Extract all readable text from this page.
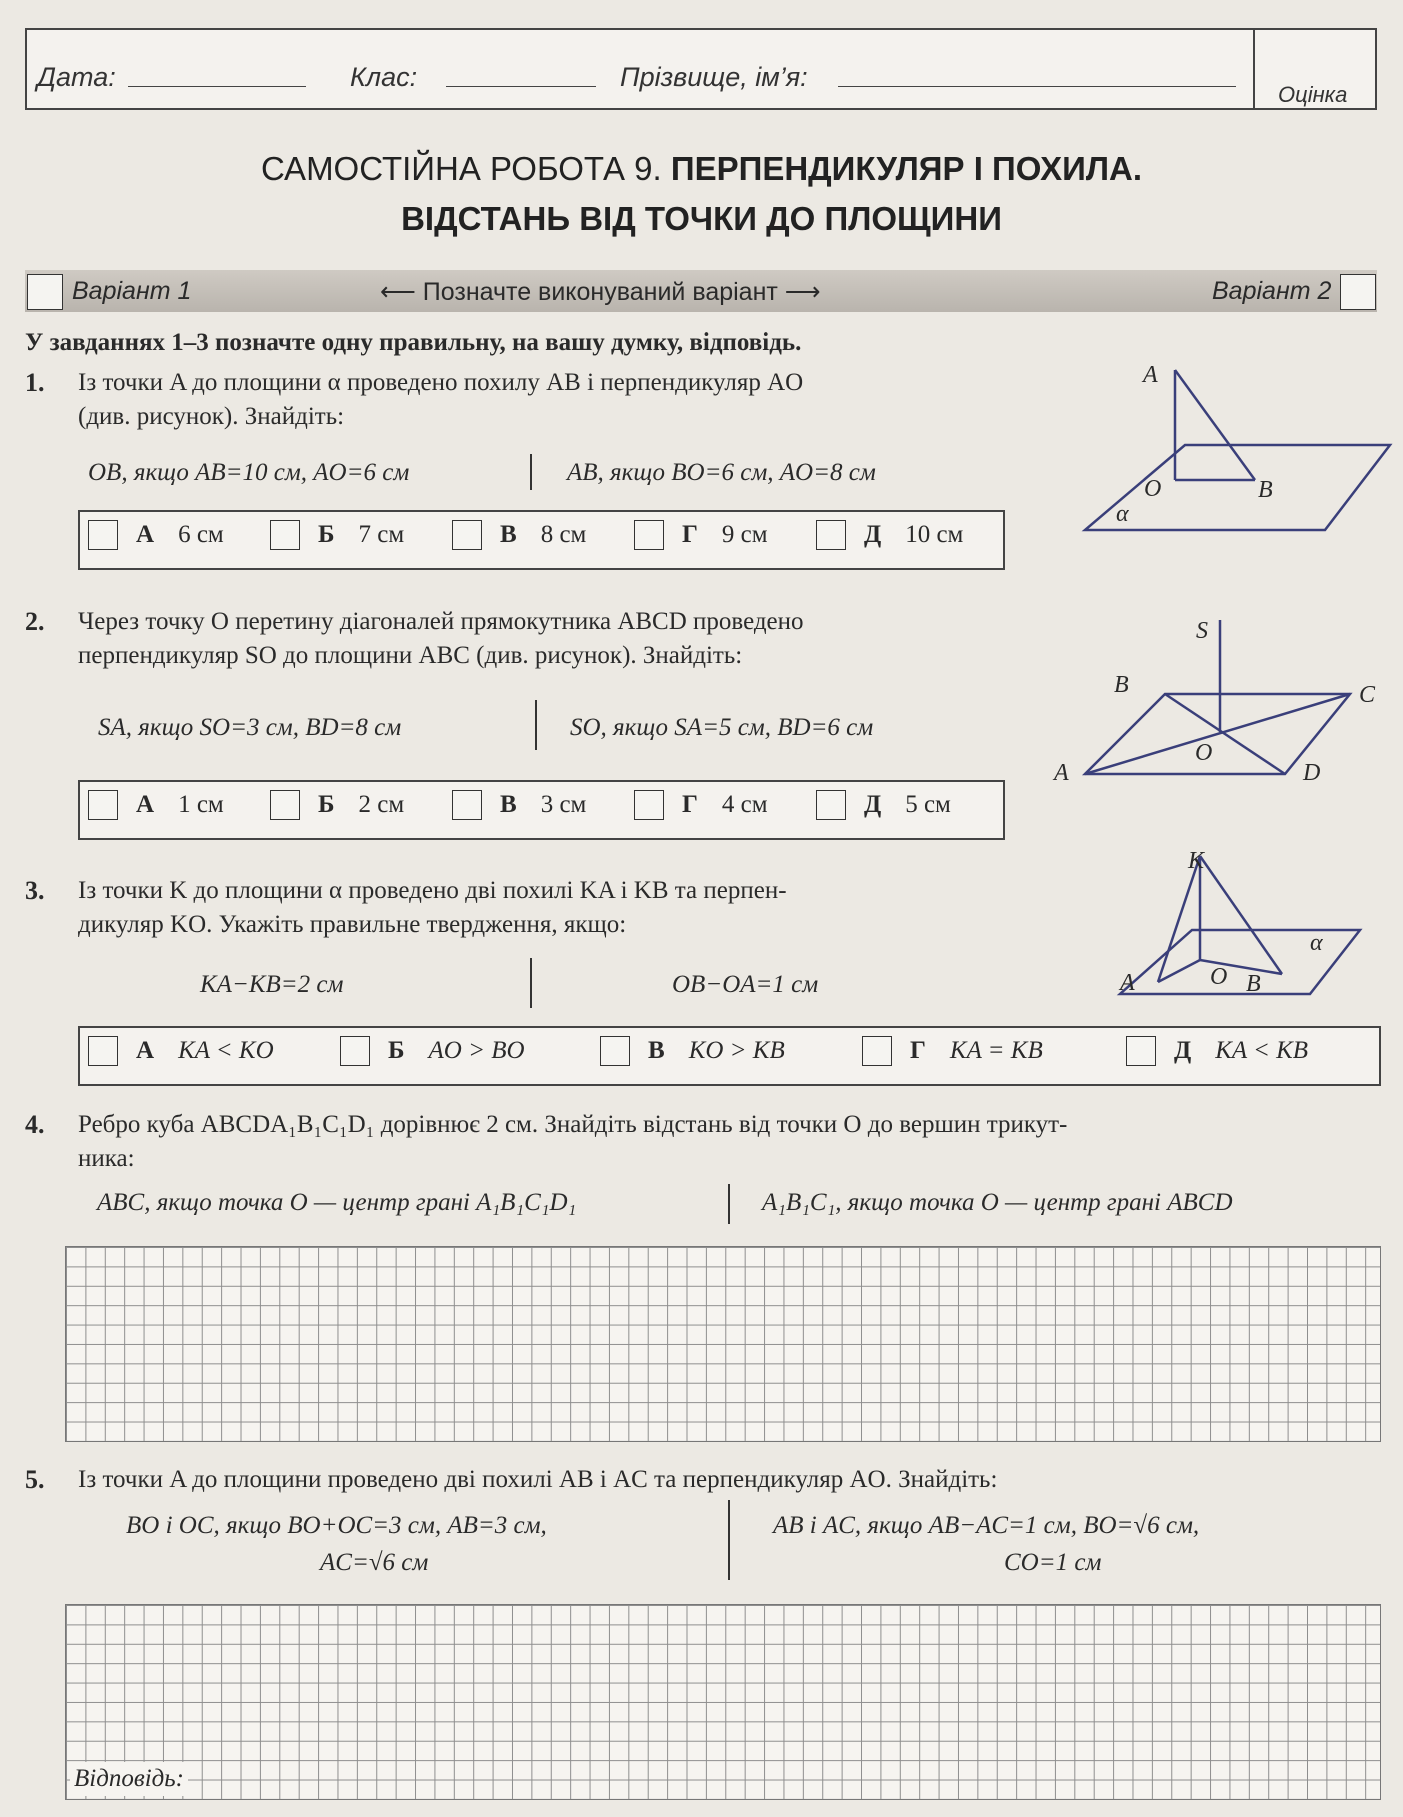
Дата:	Клас:	Прізвище, ім’я:
Оцінка
САМОСТІЙНА РОБОТА 9. ПЕРПЕНДИКУЛЯР І ПОХИЛА.
ВІДСТАНЬ ВІД ТОЧКИ ДО ПЛОЩИНИ
Варіант 1	⟵ Позначте виконуваний варіант ⟶	Варіант 2
У завданнях 1–3 позначте одну правильну, на вашу думку, відповідь.
1. Із точки A до площини α проведено похилу AB і перпендикуляр AO
(див. рисунок). Знайдіть:
OB, якщо AB=10 см, AO=6 см	AB, якщо BO=6 см, AO=8 см
А 6 см	Б 7 см	В 8 см	Г 9 см	Д 10 см
A
O	B
α
2. Через точку O перетину діагоналей прямокутника ABCD проведено
перпендикуляр SO до площини ABC (див. рисунок). Знайдіть:
SA, якщо SO=3 см, BD=8 см	SO, якщо SA=5 см, BD=6 см
А 1 см	Б 2 см	В 3 см	Г 4 см	Д 5 см
S
B	C
O
A	D
3. Із точки K до площини α проведено дві похилі KA і KB та перпен-
дикуляр KO. Укажіть правильне твердження, якщо:
KA−KB=2 см	OB−OA=1 см
А KA < KO	Б AO > BO	В KO > KB	Г KA = KB	Д KA < KB
K
α
O
A	B
4. Ребро куба ABCDA₁B₁C₁D₁ дорівнює 2 см. Знайдіть відстань від точки O до вершин трикут-
ника:
ABC, якщо точка O — центр грані A₁B₁C₁D₁	A₁B₁C₁, якщо точка O — центр грані ABCD
5. Із точки A до площини проведено дві похилі AB і AC та перпендикуляр AO. Знайдіть:
BO і OC, якщо BO+OC=3 см, AB=3 см,
AC=√6 см
AB і AC, якщо AB−AC=1 см, BO=√6 см,
CO=1 см
Відповідь:
